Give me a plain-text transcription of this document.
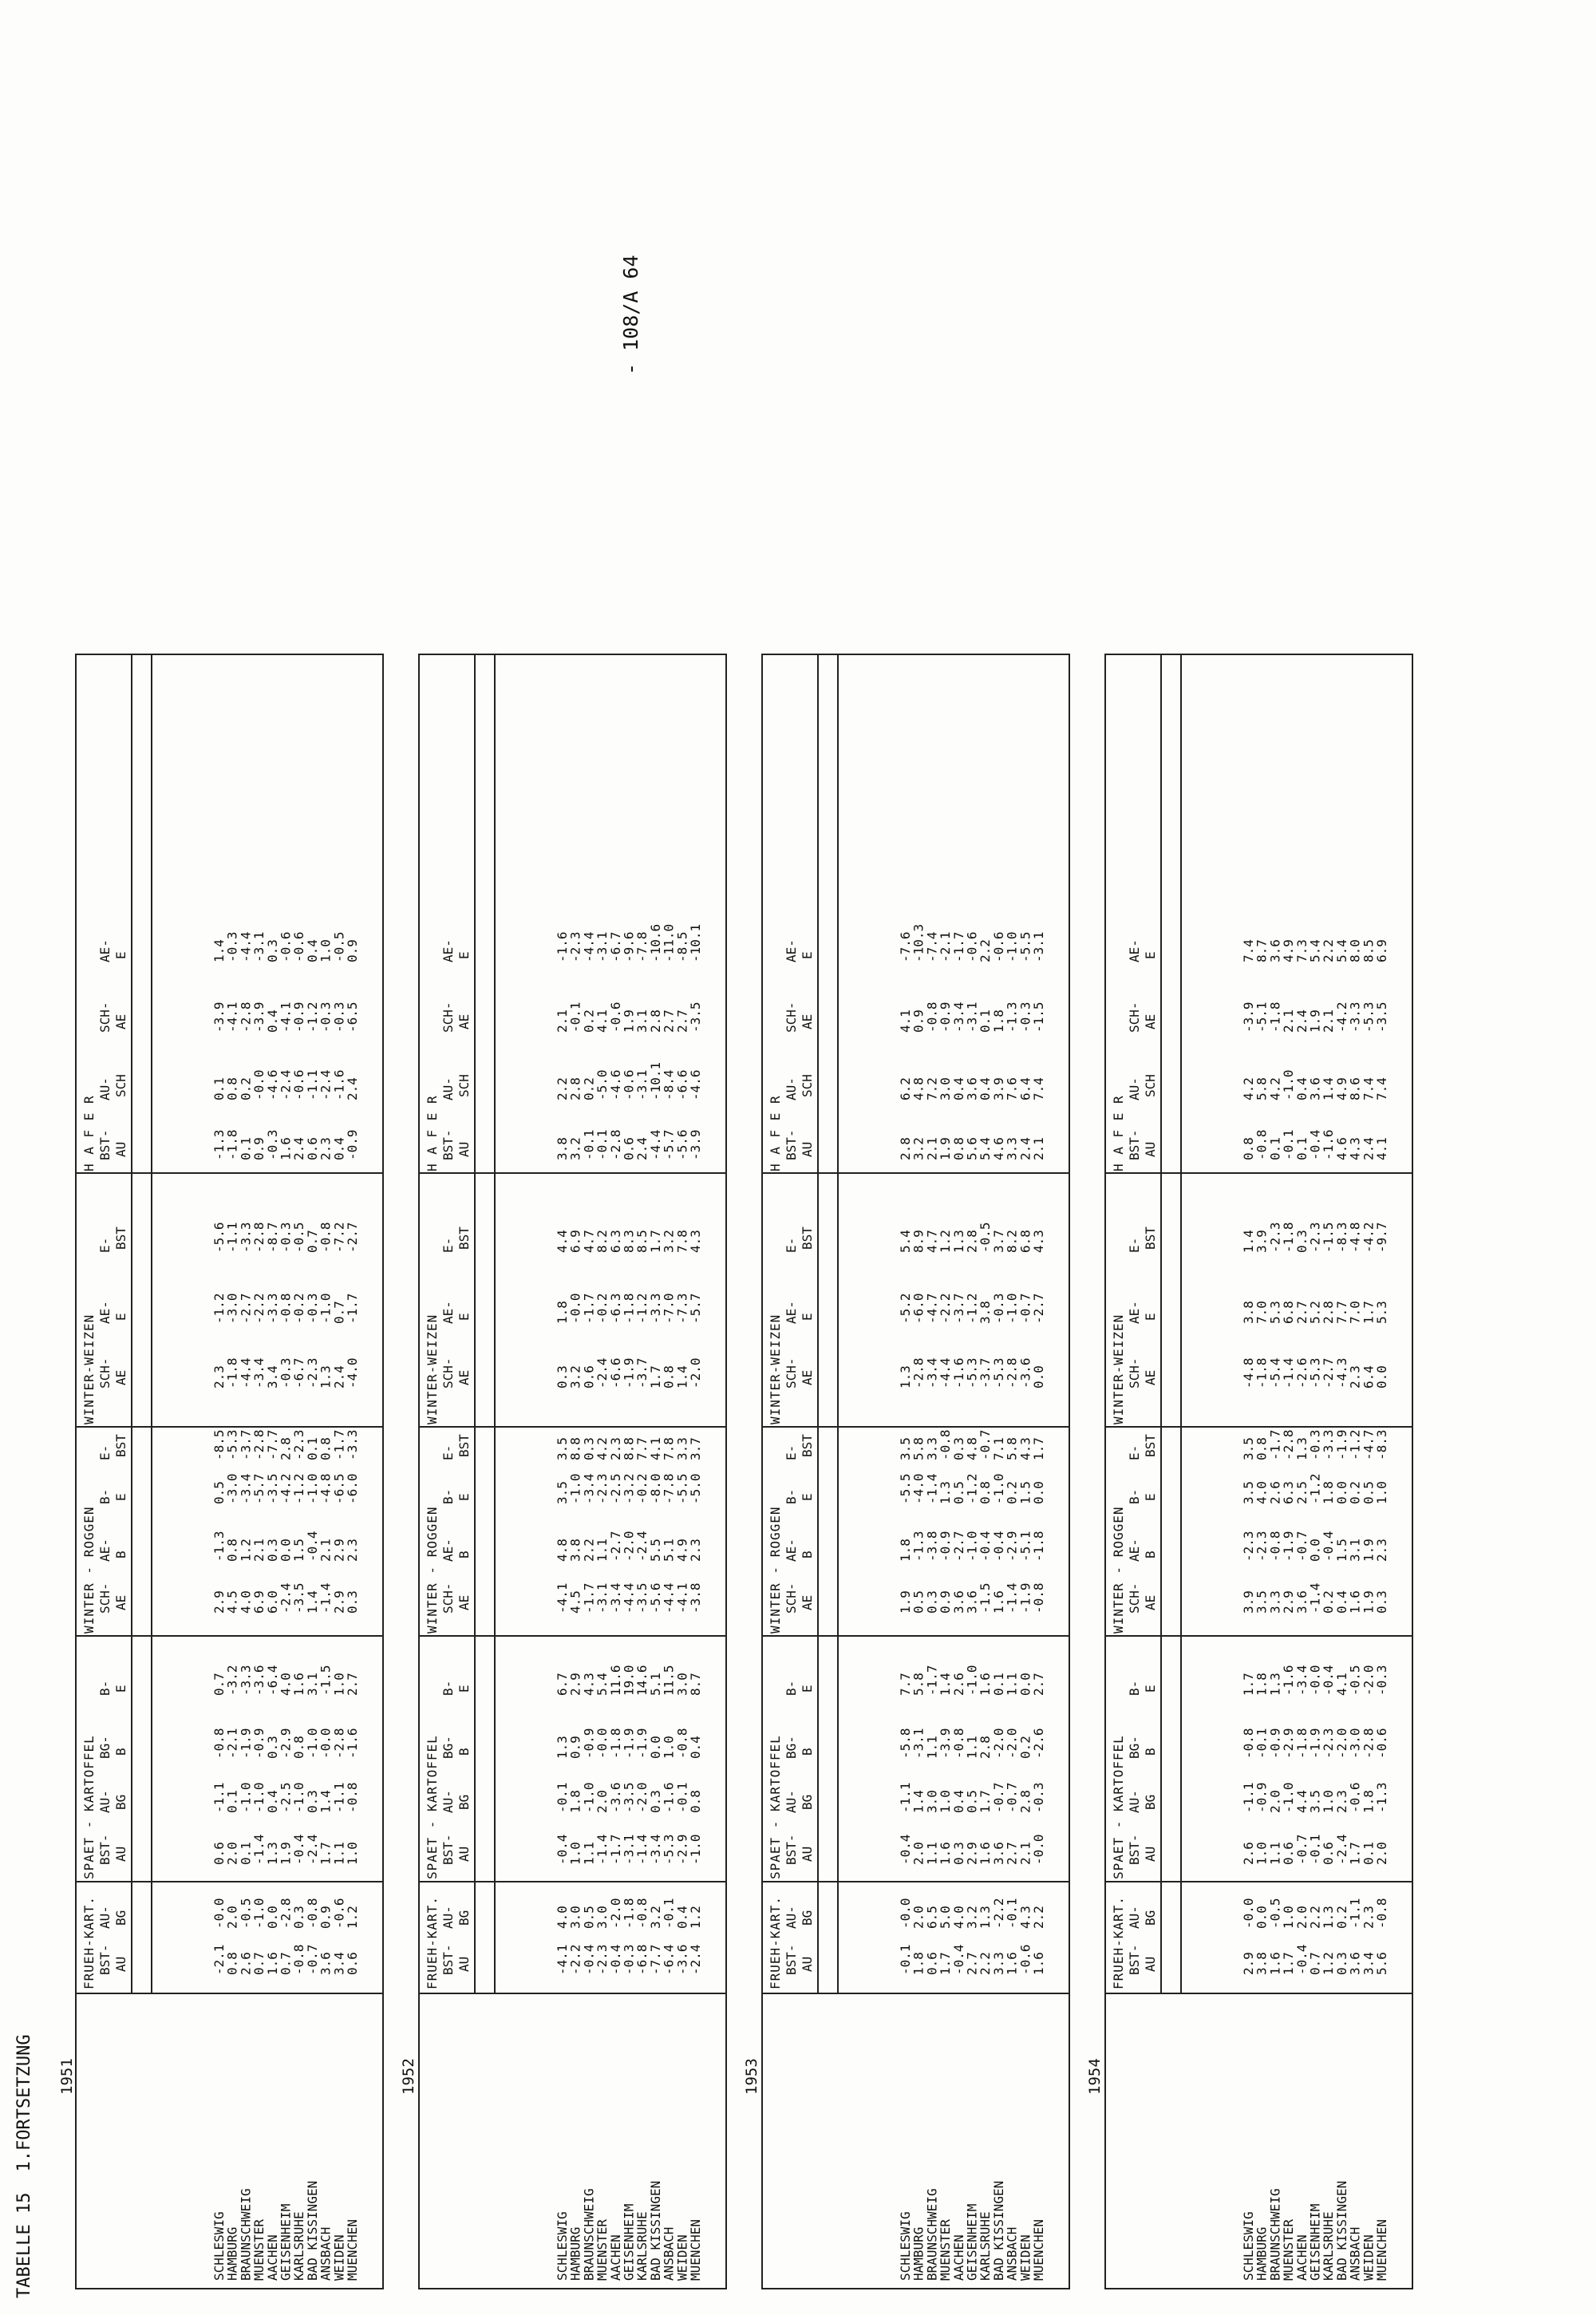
- 108/A 64
TABELLE 151.FORTSETZUNG 1951
FRUEH-KART. BST- AU
AU- BG
SPAET - KARTOFFEL BST- AU
AU- BG
BG- B
B- E
WINTER - ROGGEN SCH- AE
AE- B
B- E
E- BST
WINTER-WEIZEN SCH- AE
AE- E
E- BST
H A F E R BST- AU
AU- SCH
SCH- AE
AE- E
SCHLESWIG
-2.1
-0.0
0.6
-1.1
-0.8
0.7
2.9
-1.3
0.5
-8.5
2.3
-1.2
-5.6
-1.3
0.1
-3.9
1.4
HAMBURG
0.8
2.0
2.0
0.1
-2.1
-3.2
4.5
0.8
-3.0
-5.3
-1.8
-3.0
-1.1
-1.8
0.8
-4.1
-0.3
BRAUNSCHWEIG
2.6
-0.5
0.1
-1.0
-1.9
-3.3
4.0
1.2
-3.4
-3.7
-4.4
-2.7
-3.3
0.1
0.2
-2.8
-4.4
MUENSTER
0.7
-1.0
-1.4
-1.0
-0.9
-3.6
6.9
2.1
-5.7
-2.8
-3.4
-2.2
-2.8
0.9
-0.0
-3.9
-3.1
AACHEN
1.6
0.0
1.3
0.4
0.3
-6.4
6.0
0.3
-3.5
-7.7
3.4
-3.3
-8.7
-0.3
-4.6
0.4
0.3
GEISENHEIM
0.7
-2.8
1.9
-2.5
-2.9
4.0
-2.4
0.0
-4.2
2.8
-0.3
-0.8
-0.3
1.6
-2.4
-4.1
-0.6
KARLSRUHE
-0.8
0.3
-0.4
-1.0
0.8
1.6
-3.5
1.5
-1.2
-2.3
-6.7
-0.2
-0.5
2.4
-0.6
-0.9
-0.6
BAD KISSINGEN
-0.7
-0.8
-2.4
0.3
-1.0
3.1
1.4
-0.4
-1.0
0.1
-2.3
-0.3
0.7
0.6
-1.1
-1.2
0.4
ANSBACH
3.6
0.9
1.7
1.4
-0.0
-1.5
-1.4
2.1
-4.8
0.8
1.3
-1.0
-0.8
2.3
-2.4
-0.3
1.0
WEIDEN
3.4
-0.6
1.1
-1.1
-2.8
1.0
2.9
2.9
-6.5
-1.7
2.4
0.7
-7.2
0.4
-1.6
-0.3
-0.5
MUENCHEN
0.6
1.2
1.0
-0.8
-1.6
2.7
0.3
2.3
-6.0
-3.3
-4.0
-1.7
-2.7
-0.9
2.4
-6.5
0.9
1952
FRUEH-KART. BST- AU
AU- BG
SPAET - KARTOFFEL BST- AU
AU- BG
BG- B
B- E
WINTER - ROGGEN SCH- AE
AE- B
B- E
E- BST
WINTER-WEIZEN SCH- AE
AE- E
E- BST
H A F E R BST- AU
AU- SCH
SCH- AE
AE- E
SCHLESWIG
-4.1
4.0
-0.4
-0.1
1.3
6.7
-4.1
4.8
3.5
3.5
0.3
1.8
4.4
3.8
2.2
2.1
-1.6
HAMBURG
-2.2
3.0
1.0
1.8
0.9
2.9
4.5
3.8
-1.0
8.8
3.2
-0.0
6.9
3.2
2.8
-0.1
-2.3
BRAUNSCHWEIG
-0.4
0.5
1.1
-1.0
-0.9
4.3
-1.7
2.2
-3.4
0.3
0.6
-1.7
4.7
-0.1
0.2
0.2
-4.4
MUENSTER
-2.3
3.0
-1.4
2.0
-0.0
5.4
-3.1
1.1
-2.3
4.2
-2.4
-0.2
8.2
-0.1
-5.0
4.1
-3.1
AACHEN
-0.4
-2.0
-1.7
-3.6
-1.8
11.6
-3.4
-2.7
-2.5
2.3
-6.6
-6.3
6.3
-2.8
-4.6
-0.6
-6.7
GEISENHEIM
-0.3
-1.8
-3.1
-3.5
-1.9
19.0
-4.4
-2.0
-3.2
8.8
-1.9
-1.8
8.3
0.6
-0.6
1.9
-9.6
KARLSRUHE
-6.8
-0.8
-1.4
-2.0
-1.9
14.6
-3.5
-2.4
-0.2
7.7
-3.7
-1.2
8.5
2.4
-3.1
3.1
-7.8
BAD KISSINGEN
-7.7
3.2
-3.4
0.3
0.0
5.1
-5.6
5.5
-8.0
4.1
1.7
-3.3
1.7
-4.4
-10.1
2.8
-10.6
ANSBACH
-6.4
-0.1
-5.3
-1.6
1.0
11.5
-4.4
5.1
-7.8
7.8
0.8
-7.0
3.2
-5.7
-8.4
2.7
-11.0
WEIDEN
-3.6
0.4
-2.9
-0.1
-0.8
3.0
-4.1
4.9
-5.5
3.3
1.4
-7.3
7.8
-5.6
-6.6
2.7
-8.5
MUENCHEN
-2.4
1.2
-1.0
0.8
0.4
8.7
-3.8
2.3
-5.0
3.7
-2.0
-5.7
4.3
-3.9
-4.6
-3.5
-10.1
1953
FRUEH-KART. BST- AU
AU- BG
SPAET - KARTOFFEL BST- AU
AU- BG
BG- B
B- E
WINTER - ROGGEN SCH- AE
AE- B
B- E
E- BST
WINTER-WEIZEN SCH- AE
AE- E
E- BST
H A F E R BST- AU
AU- SCH
SCH- AE
AE- E
SCHLESWIG
-0.1
-0.0
-0.4
-1.1
-5.8
7.7
1.9
1.8
-5.5
3.5
1.3
-5.2
5.4
2.8
6.2
4.1
-7.6
HAMBURG
1.8
2.0
2.0
1.4
-3.1
5.8
0.5
-1.3
-4.0
5.8
-2.8
-6.0
8.9
3.2
4.8
0.9
-10.3
BRAUNSCHWEIG
0.6
6.5
1.1
3.0
1.1
-1.7
0.3
-3.8
-1.4
3.3
-3.4
-4.7
4.7
2.1
7.2
-0.8
-7.4
MUENSTER
1.7
5.0
1.6
1.0
-3.9
1.4
0.9
-0.9
1.3
-0.8
-4.4
-2.2
1.2
1.9
3.0
-0.9
-2.1
AACHEN
-0.4
4.0
0.3
0.4
-0.8
2.6
3.6
-2.7
0.5
0.3
-1.6
-3.7
1.3
0.8
0.4
-3.4
-1.7
GEISENHEIM
2.7
3.2
2.9
0.5
1.1
-1.0
3.6
-1.0
-1.2
4.8
-5.3
-1.2
2.8
5.6
3.6
-3.1
-0.6
KARLSRUHE
2.2
1.3
1.6
1.7
2.8
1.6
-1.5
-0.4
0.8
-0.7
-3.7
3.8
-0.5
5.4
0.4
0.1
2.2
BAD KISSINGEN
3.3
-2.2
3.6
-0.7
-2.0
0.1
1.6
-0.4
-1.0
7.1
-5.3
-0.3
3.7
4.6
3.9
1.8
-0.6
ANSBACH
1.6
-0.1
2.7
-0.7
-2.0
1.1
-1.4
-2.9
0.2
5.8
-2.8
-1.0
8.2
3.3
7.6
-1.3
-1.0
WEIDEN
-0.6
4.3
2.1
2.8
0.2
0.0
-1.9
-5.1
1.5
4.3
-3.6
-0.7
6.8
2.4
6.4
-0.3
-5.5
MUENCHEN
1.6
2.2
-0.0
-0.3
-2.6
2.7
-0.8
-1.8
0.0
1.7
0.0
-2.7
4.3
2.1
7.4
-1.5
-3.1
1954
FRUEH-KART. BST- AU
AU- BG
SPAET - KARTOFFEL BST- AU
AU- BG
BG- B
B- E
WINTER - ROGGEN SCH- AE
AE- B
B- E
E- BST
WINTER-WEIZEN SCH- AE
AE- E
E- BST
H A F E R BST- AU
AU- SCH
SCH- AE
AE- E
SCHLESWIG
2.9
-0.0
2.6
-1.1
-0.8
1.7
3.9
-2.3
3.5
3.5
-4.8
3.8
1.4
0.8
4.2
-3.9
7.4
HAMBURG
3.8
0.0
1.0
-0.9
-0.1
1.8
3.5
-2.3
4.0
0.8
-1.8
7.0
3.9
-0.8
5.8
-5.1
8.7
BRAUNSCHWEIG
1.6
-0.5
1.1
2.0
-0.9
1.3
3.3
-0.8
2.6
-1.7
-5.4
5.3
-2.3
0.1
4.2
-1.8
3.6
MUENSTER
1.7
1.0
0.6
-1.0
-2.9
-1.6
2.9
-1.9
6.3
-2.8
-1.4
6.8
-1.8
-0.1
-1.0
2.1
4.9
AACHEN
-0.4
2.0
-0.7
4.4
-1.8
-3.4
3.6
-0.7
2.5
1.3
-2.6
2.7
0.3
0.1
0.4
2.4
7.3
GEISENHEIM
0.7
2.2
-0.1
3.5
-1.9
-0.0
-1.4
0.0
-1.2
-0.3
-5.3
5.2
-2.3
-0.4
3.6
1.9
5.4
KARLSRUHE
1.2
1.3
0.6
1.0
-2.3
-0.4
0.2
-0.4
1.8
-3.3
-2.7
2.8
-1.5
-1.6
1.4
2.1
2.2
BAD KISSINGEN
0.3
0.2
-2.4
2.3
-2.0
4.1
0.4
1.5
0.0
-1.9
-4.3
7.7
-8.3
4.6
4.9
-4.2
5.4
ANSBACH
3.6
-1.1
1.7
-0.6
-3.0
-0.5
1.6
3.1
0.2
-1.2
2.3
7.0
-4.8
4.3
8.6
-3.3
8.0
WEIDEN
3.4
2.3
0.1
1.8
-2.8
-2.0
1.9
1.9
0.5
-4.7
6.4
1.7
-4.2
2.4
7.4
-5.3
8.5
MUENCHEN
5.6
-0.8
2.0
-1.3
-0.6
-0.3
0.3
2.3
1.0
-8.3
0.0
5.3
-9.7
4.1
7.4
-3.5
6.9
